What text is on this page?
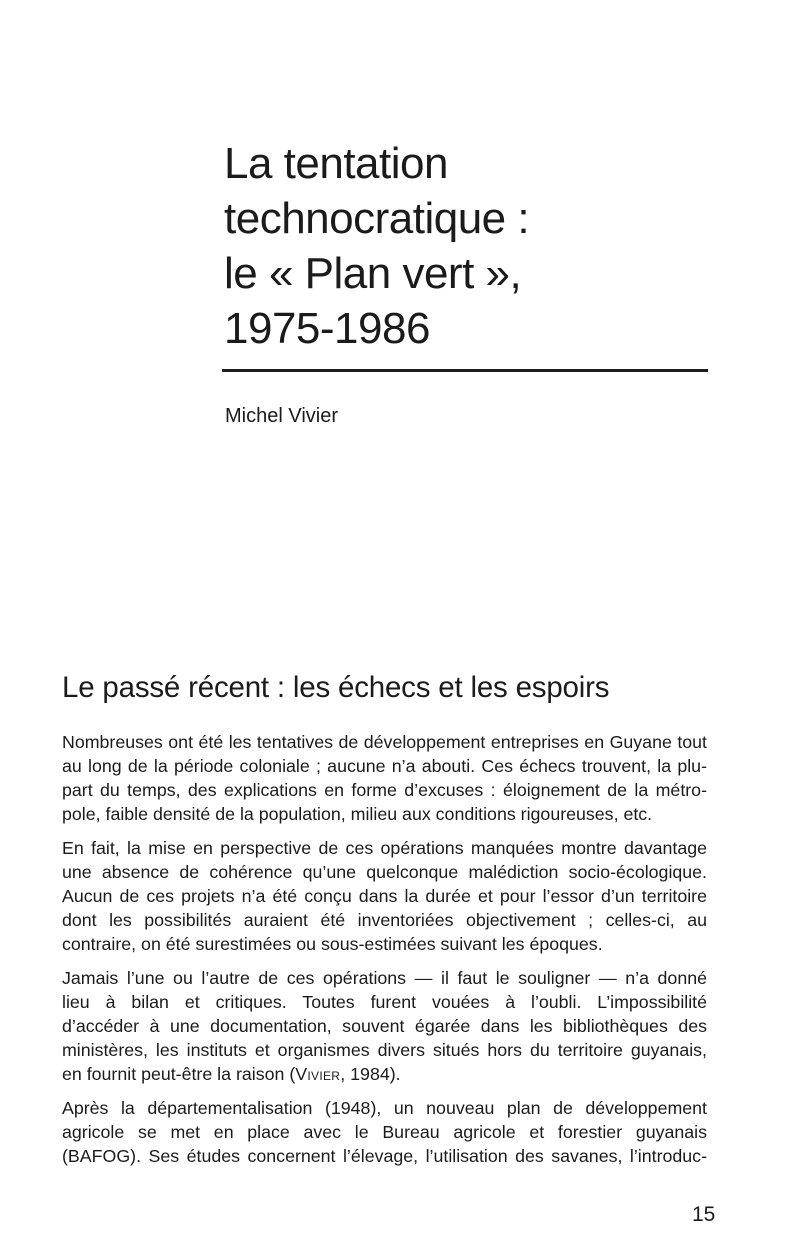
La tentation
technocratique :
le « Plan vert »,
1975-1986
Michel Vivier
Le passé récent : les échecs et les espoirs

Nombreuses ont été les tentatives de développement entreprises en Guyane tout
au long de la période coloniale ; aucune n’a abouti. Ces échecs trouvent, la plu-
part du temps, des explications en forme d’excuses : éloignement de la métro-
pole, faible densité de la population, milieu aux conditions rigoureuses, etc.

En fait, la mise en perspective de ces opérations manquées montre davantage
une absence de cohérence qu’une quelconque malédiction socio-écologique.
Aucun de ces projets n’a été conçu dans la durée et pour l’essor d’un territoire
dont les possibilités auraient été inventoriées objectivement ; celles-ci, au
contraire, on été surestimées ou sous-estimées suivant les époques.

Jamais l’une ou l’autre de ces opérations — il faut le souligner — n’a donné
lieu à bilan et critiques. Toutes furent vouées à l’oubli. L’impossibilité
d’accéder à une documentation, souvent égarée dans les bibliothèques des
ministères, les instituts et organismes divers situés hors du territoire guyanais,
en fournit peut-être la raison (Vivier, 1984).

Après la départementalisation (1948), un nouveau plan de développement
agricole se met en place avec le Bureau agricole et forestier guyanais
(BAFOG). Ses études concernent l’élevage, l’utilisation des savanes, l’introduc-

15
